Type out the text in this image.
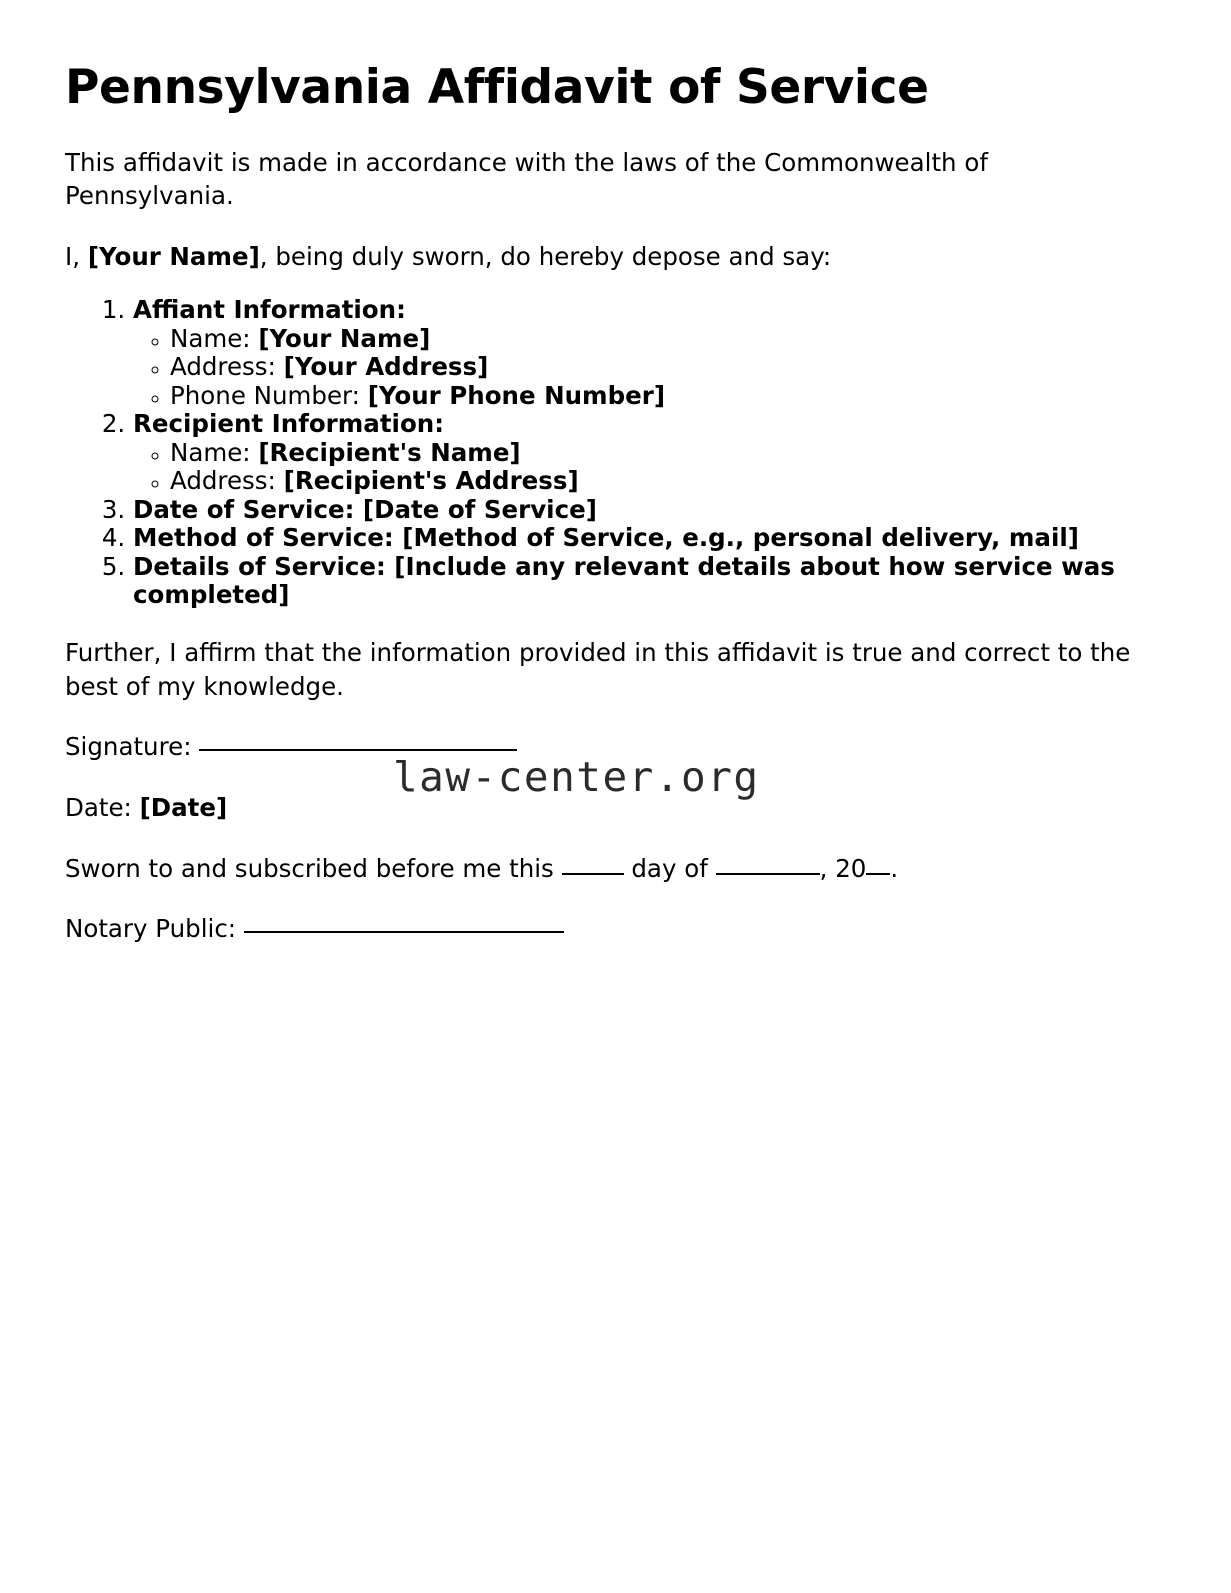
Pennsylvania Affidavit of Service

This affidavit is made in accordance with the laws of the Commonwealth of Pennsylvania.

I, [Your Name], being duly sworn, do hereby depose and say:

1. Affiant Information:
◦ Name: [Your Name]
◦ Address: [Your Address]
◦ Phone Number: [Your Phone Number]
2. Recipient Information:
◦ Name: [Recipient's Name]
◦ Address: [Recipient's Address]
3. Date of Service: [Date of Service]
4. Method of Service: [Method of Service, e.g., personal delivery, mail]
5. Details of Service: [Include any relevant details about how service was completed]

Further, I affirm that the information provided in this affidavit is true and correct to the best of my knowledge.

Signature:
Date: [Date]
Sworn to and subscribed before me this	day of	, 20 .
Notary Public:
law-center.org
